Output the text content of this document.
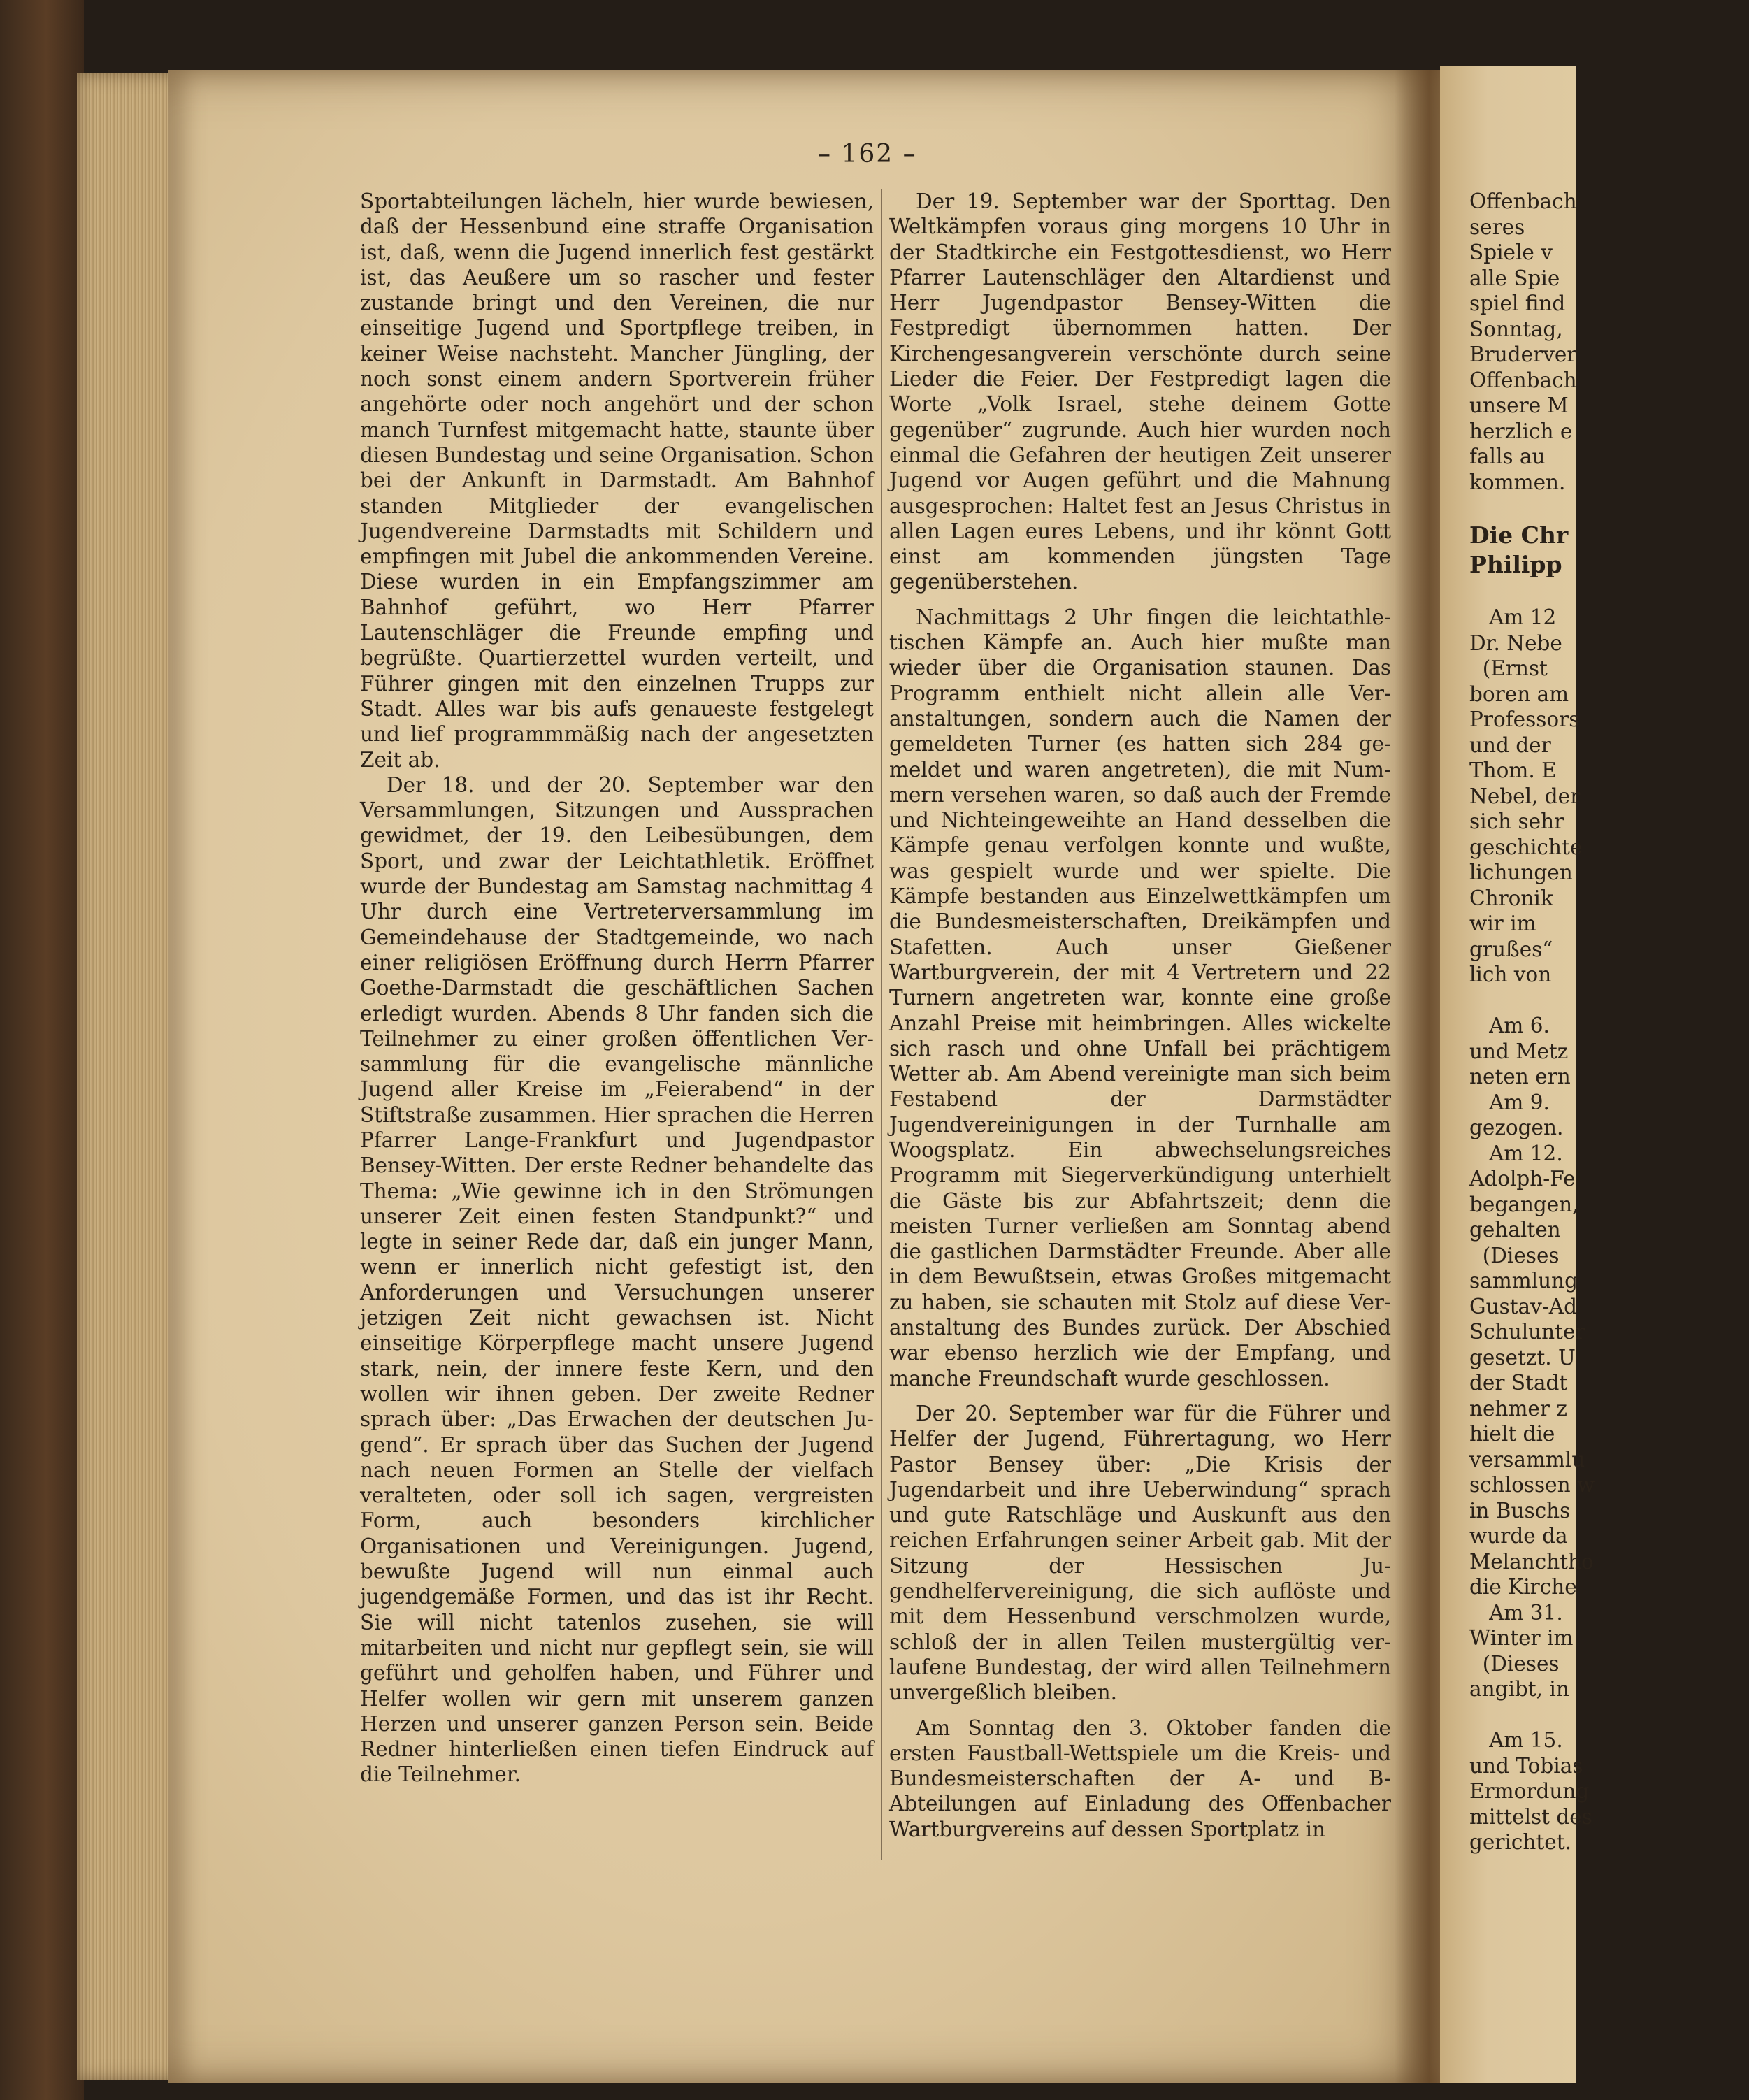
Offenbach
seres
Spiele v
alle Spie
spiel find
Sonntag,
Bruderver
Offenbach
unsere M
herzlich e
falls au
kommen.

Die Chr
Philipp

Am 12
Dr. Nebe
(Ernst
boren am
Professors
und der
Thom. E
Nebel, der
sich sehr
geschichte
lichungen
Chronik
wir im
grußes“
lich von

Am 6.
und Metz
neten ern
Am 9.
gezogen.
Am 12.
Adolph-Fe
begangen,
gehalten
(Dieses
sammlung
Gustav-Ad
Schulunter
gesetzt. U
der Stadt
nehmer z
hielt die
versammlu
schlossen w
in Buschs
wurde da
Melanchtho
die Kirche
Am 31.
Winter im
(Dieses
angibt, in

Am 15.
und Tobias
Ermordung
mittelst des
gerichtet.
– 162 –

Sportabteilungen lächeln, hier wurde bewiesen, daß der Hessenbund eine straffe Organisation ist, daß, wenn die Jugend innerlich fest gestärkt ist, das Aeußere um so rascher und fester zustande bringt und den Vereinen, die nur einseitige Jugend und Sportpflege treiben, in keiner Weise nachsteht. Mancher Jüngling, der noch sonst einem andern Sportverein früher angehörte oder noch angehört und der schon manch Turnfest mitgemacht hatte, staunte über diesen Bundestag und seine Organisation. Schon bei der Ankunft in Darmstadt. Am Bahnhof standen Mitglieder der evangelischen Jugendvereine Darmstadts mit Schildern und empfingen mit Jubel die ankommenden Vereine. Diese wurden in ein Empfangszimmer am Bahnhof geführt, wo Herr Pfarrer Lautenschläger die Freunde empfing und begrüßte. Quartierzettel wurden verteilt, und Führer gingen mit den einzelnen Trupps zur Stadt. Alles war bis aufs genaueste festgelegt und lief programmmäßig nach der angesetzten Zeit ab.

Der 18. und der 20. September war den Versammlungen, Sitzungen und Aussprachen gewidmet, der 19. den Leibesübungen, dem Sport, und zwar der Leichtathletik. Eröffnet wurde der Bundestag am Samstag nachmittag 4 Uhr durch eine Vertreterversammlung im Gemeindehause der Stadtgemeinde, wo nach einer religiösen Eröffnung durch Herrn Pfarrer Goethe-Darmstadt die geschäftlichen Sachen erledigt wurden. Abends 8 Uhr fanden sich die Teilnehmer zu einer großen öffentlichen Versammlung für die evangelische männliche Jugend aller Kreise im „Feierabend“ in der Stiftstraße zusammen. Hier sprachen die Herren Pfarrer Lange-Frankfurt und Jugendpastor Bensey-Witten. Der erste Redner behandelte das Thema: „Wie gewinne ich in den Strömungen unserer Zeit einen festen Standpunkt?“ und legte in seiner Rede dar, daß ein junger Mann, wenn er innerlich nicht gefestigt ist, den Anforderungen und Versuchungen unserer jetzigen Zeit nicht gewachsen ist. Nicht einseitige Körperpflege macht unsere Jugend stark, nein, der innere feste Kern, und den wollen wir ihnen geben. Der zweite Redner sprach über: „Das Erwachen der deutschen Jugend“. Er sprach über das Suchen der Jugend nach neuen Formen an Stelle der vielfach veralteten, oder soll ich sagen, vergreisten Form, auch besonders kirchlicher Organisationen und Vereinigungen. Jugend, bewußte Jugend will nun einmal auch jugendgemäße Formen, und das ist ihr Recht. Sie will nicht tatenlos zusehen, sie will mitarbeiten und nicht nur gepflegt sein, sie will geführt und geholfen haben, und Führer und Helfer wollen wir gern mit unserem ganzen Herzen und unserer ganzen Person sein. Beide Redner hinterließen einen tiefen Eindruck auf die Teilnehmer.

Der 19. September war der Sporttag. Den Weltkämpfen voraus ging morgens 10 Uhr in der Stadtkirche ein Festgottesdienst, wo Herr Pfarrer Lautenschläger den Altardienst und Herr Jugendpastor Bensey-Witten die Festpredigt übernommen hatten. Der Kirchengesangverein verschönte durch seine Lieder die Feier. Der Festpredigt lagen die Worte „Volk Israel, stehe deinem Gotte gegenüber“ zugrunde. Auch hier wurden noch einmal die Gefahren der heutigen Zeit unserer Jugend vor Augen geführt und die Mahnung ausgesprochen: Haltet fest an Jesus Christus in allen Lagen eures Lebens, und ihr könnt Gott einst am kommenden jüngsten Tage gegenüberstehen.

Nachmittags 2 Uhr fingen die leichtathletischen Kämpfe an. Auch hier mußte man wieder über die Organisation staunen. Das Programm enthielt nicht allein alle Veranstaltungen, sondern auch die Namen der gemeldeten Turner (es hatten sich 284 gemeldet und waren angetreten), die mit Nummern versehen waren, so daß auch der Fremde und Nichteingeweihte an Hand desselben die Kämpfe genau verfolgen konnte und wußte, was gespielt wurde und wer spielte. Die Kämpfe bestanden aus Einzelwettkämpfen um die Bundesmeisterschaften, Dreikämpfen und Stafetten. Auch unser Gießener Wartburgverein, der mit 4 Vertretern und 22 Turnern angetreten war, konnte eine große Anzahl Preise mit heimbringen. Alles wickelte sich rasch und ohne Unfall bei prächtigem Wetter ab. Am Abend vereinigte man sich beim Festabend der Darmstädter Jugendvereinigungen in der Turnhalle am Woogsplatz. Ein abwechselungsreiches Programm mit Siegerverkündigung unterhielt die Gäste bis zur Abfahrtszeit; denn die meisten Turner verließen am Sonntag abend die gastlichen Darmstädter Freunde. Aber alle in dem Bewußtsein, etwas Großes mitgemacht zu haben, sie schauten mit Stolz auf diese Veranstaltung des Bundes zurück. Der Abschied war ebenso herzlich wie der Empfang, und manche Freundschaft wurde geschlossen.

Der 20. September war für die Führer und Helfer der Jugend, Führertagung, wo Herr Pastor Bensey über: „Die Krisis der Jugendarbeit und ihre Ueberwindung“ sprach und gute Ratschläge und Auskunft aus den reichen Erfahrungen seiner Arbeit gab. Mit der Sitzung der Hessischen Jugendhelfervereinigung, die sich auflöste und mit dem Hessenbund verschmolzen wurde, schloß der in allen Teilen mustergültig verlaufene Bundestag, der wird allen Teilnehmern unvergeßlich bleiben.

Am Sonntag den 3. Oktober fanden die ersten Faustball-Wettspiele um die Kreis- und Bundesmeisterschaften der A- und B-Abteilungen auf Einladung des Offenbacher Wartburgvereins auf dessen Sportplatz in
